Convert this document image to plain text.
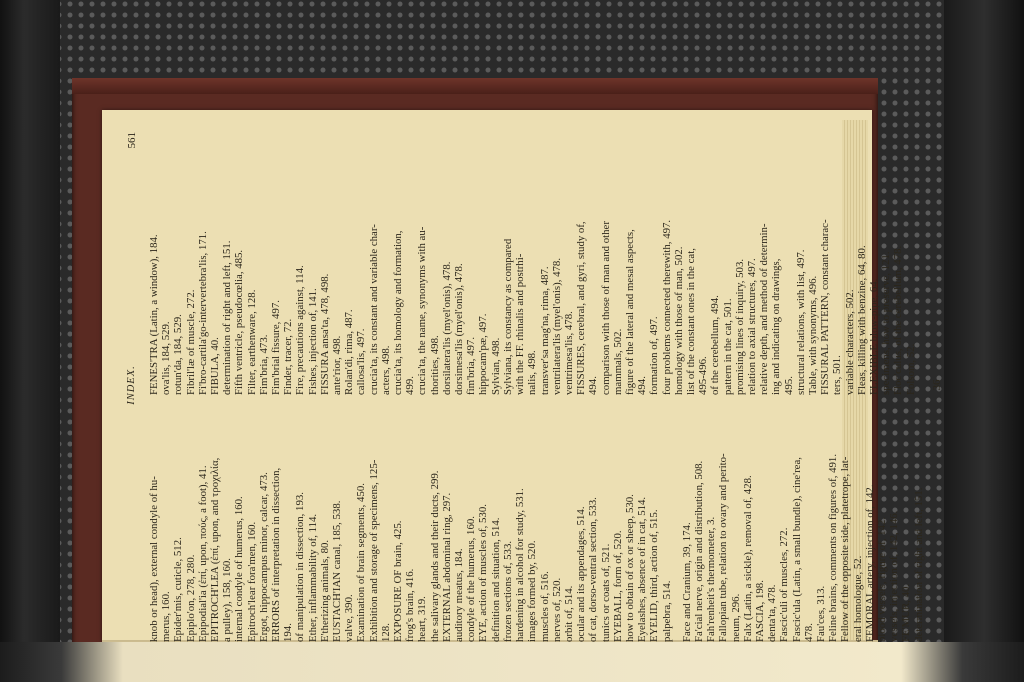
INDEX.
561
knob or head), external condyle of hu- merus, 160. Epider'mis, cuticle, 512. Epiplo'on, 278, 280. Epipodial'ia (ἐπί, upon, πούς, a foot), 41. EPITROCH'LEA (ἐπί, upon, and τροχιλία, a pulley), 158, 160. internal condyle of humerus, 160. Epitroch'lear fora'men, 160. Ergot, hippocampus minor, calcar, 473. ERRORS of interpretation in dissection, 194. of manipulation in dissection, 193. Ether, inflammability of, 114. E'therizing animals, 80. EUSTACH'IAN canal, 185, 538. valve, 390. Examination of brain segments, 450. Exhibition and storage of specimens, 125- 128. EXPOSURE OF brain, 425. frog's brain, 416. heart, 319. the salivary glands and their ducts, 299. EXTERNAL abdominal ring, 297. auditory meatus, 184. condyle of the humerus, 160. EYE, action of muscles of, 530. definition and situation, 514. frozen sections of, 533. hardening in alcohol for study, 531. images formed by, 520. muscles of, 516. nerves of, 520. orbit of, 514. ocular and its appendages, 514. of cat, dorso-ventral section, 533. tunics or coats of, 521. EYEBALL, form of, 520. how to obtain of ox or sheep, 530. Eyelashes, absence of in cat, 514. EYELID, third, action of, 515. palpebra, 514. Face and Cranium, 39, 174. Fa'cial nerve, origin and distribution, 508. Fah'renheit's thermometer, 3. Fallopian tube, relation to ovary and perito- neum, 296. Falx (Latin, a sickle), removal of, 428. FASCIA, 198. denta'ta, 478. Fascic'uli of muscles, 272. Fascic'ula (Latin, a small bundle), cine'rea, 478. Fau'ces, 313. Feline brains, comments on figures of, 491. Fellow of the opposite side, platetrope, lat- eral homologue, 52. FEMORAL artery, injection of, 142. blood vessels, figure of, 142. vessels, injection of, 142, 146. FE'MUR, 40. determination of right and left, 151.
FENES'TRA (Latin, a window), 184. ova'lis, 184, 529. rotun'da, 184, 529. Fibril'læ of muscle, 272. Fi'bro-cartila'go-intervertebra'lis, 171. FIBULA, 40. determination of right and left, 151. Fifth ventricle, pseudocœlia, 485. Filter, earthenware, 128. Fim'bria, 473. Fim'brial fissure, 497. Finder, tracer, 72. Fire, precautions against, 114. Fishes, injection of, 141. FISSURA ansa'ta, 478, 498. ante'rior, 498. Rolan'di, rima, 487. callosa'lis, 497. crucia'ta, its constant and variable char- acters, 498. crucia'ta, its homology and formation, 499. crucia'ta, the name, synonyms with au- thorities, 498. dorsilatera'lis (myel'onis), 478. dorsimesa'lis (myel'onis), 478. fim'bria, 497. hippocam'pæ, 497. Sylvian, 498. Sylviana, its constancy as compared with the FF. rhinalis and postrhi- nalis, 498. transver'sa mag'na, rima, 487. ventrilatera'lis (myel'onis), 478. ventrimesa'lis, 478. FISSURES, cerebral, and gyri, study of, 494. comparison with those of man and other mammals, 502. figure of the lateral and mesal aspects, 494. formation of, 497. four problems connected therewith, 497. homology with those of man, 502. list of the constant ones in the cat, 495-496. of the cerebellum, 494. pattern in the cat, 501. promising lines of inquiry, 503. relation to axial structures, 497. relative depth, and method of determin- ing and indicating on drawings, 495. structural relations, with list, 497. Table, with synonyms, 496. FISSURAL PATTERN, constant charac- ters, 501. variable characters, 502. Fleas, killing with benzine, 64, 80. FLEXIBLE blow-pipe, 64. specimens, how to preserve, 121. Floc'culus, of the cerebellum, 478. Folsom, 52. 36
